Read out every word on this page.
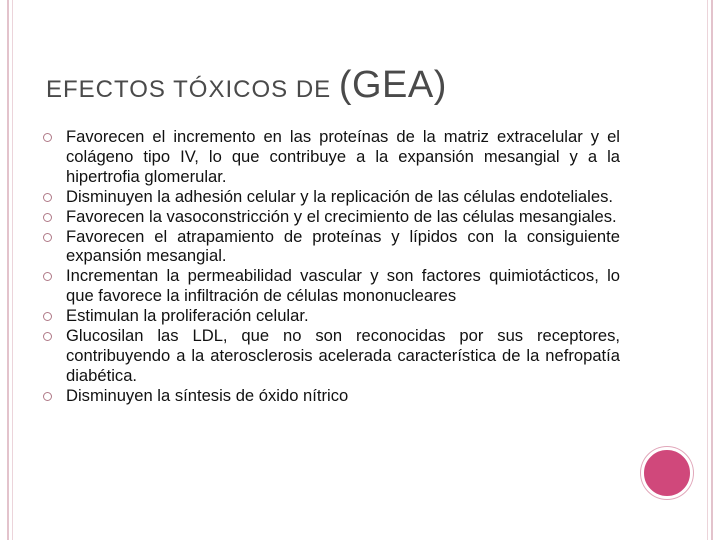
EFECTOS TÓXICOS DE (GEA)
Favorecen el incremento en las proteínas de la matriz extracelular y el colágeno tipo IV, lo que contribuye a la expansión mesangial y a la hipertrofia glomerular.
Disminuyen la adhesión celular y la replicación de las células endoteliales.
Favorecen la vasoconstricción y el crecimiento de las células mesangiales.
Favorecen el atrapamiento de proteínas y lípidos con la consiguiente expansión mesangial.
Incrementan la permeabilidad vascular y son factores quimiotácticos, lo que favorece la infiltración de células mononucleares
Estimulan la proliferación celular.
Glucosilan las LDL, que no son reconocidas por sus receptores, contribuyendo a la aterosclerosis acelerada característica de la nefropatía diabética.
Disminuyen la síntesis de óxido nítrico
